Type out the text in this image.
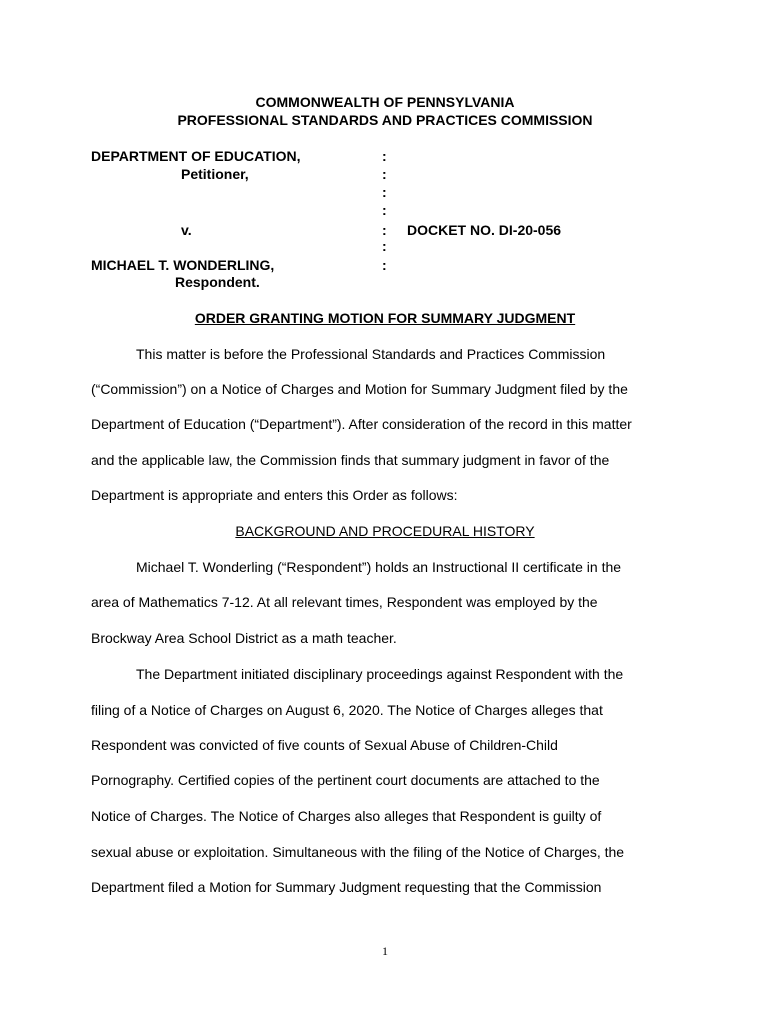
COMMONWEALTH OF PENNSYLVANIA
PROFESSIONAL STANDARDS AND PRACTICES COMMISSION
DEPARTMENT OF EDUCATION,
Petitioner,
v.
MICHAEL T. WONDERLING,
Respondent.
:
:
:
:
:
:
:
DOCKET NO. DI-20-056
ORDER GRANTING MOTION FOR SUMMARY JUDGMENT
This matter is before the Professional Standards and Practices Commission
(“Commission”) on a Notice of Charges and Motion for Summary Judgment filed by the
Department of Education (“Department”). After consideration of the record in this matter
and the applicable law, the Commission finds that summary judgment in favor of the
Department is appropriate and enters this Order as follows:
BACKGROUND AND PROCEDURAL HISTORY
Michael T. Wonderling (“Respondent”) holds an Instructional II certificate in the
area of Mathematics 7-12. At all relevant times, Respondent was employed by the
Brockway Area School District as a math teacher.
The Department initiated disciplinary proceedings against Respondent with the
filing of a Notice of Charges on August 6, 2020. The Notice of Charges alleges that
Respondent was convicted of five counts of Sexual Abuse of Children-Child
Pornography. Certified copies of the pertinent court documents are attached to the
Notice of Charges. The Notice of Charges also alleges that Respondent is guilty of
sexual abuse or exploitation. Simultaneous with the filing of the Notice of Charges, the
Department filed a Motion for Summary Judgment requesting that the Commission
1
